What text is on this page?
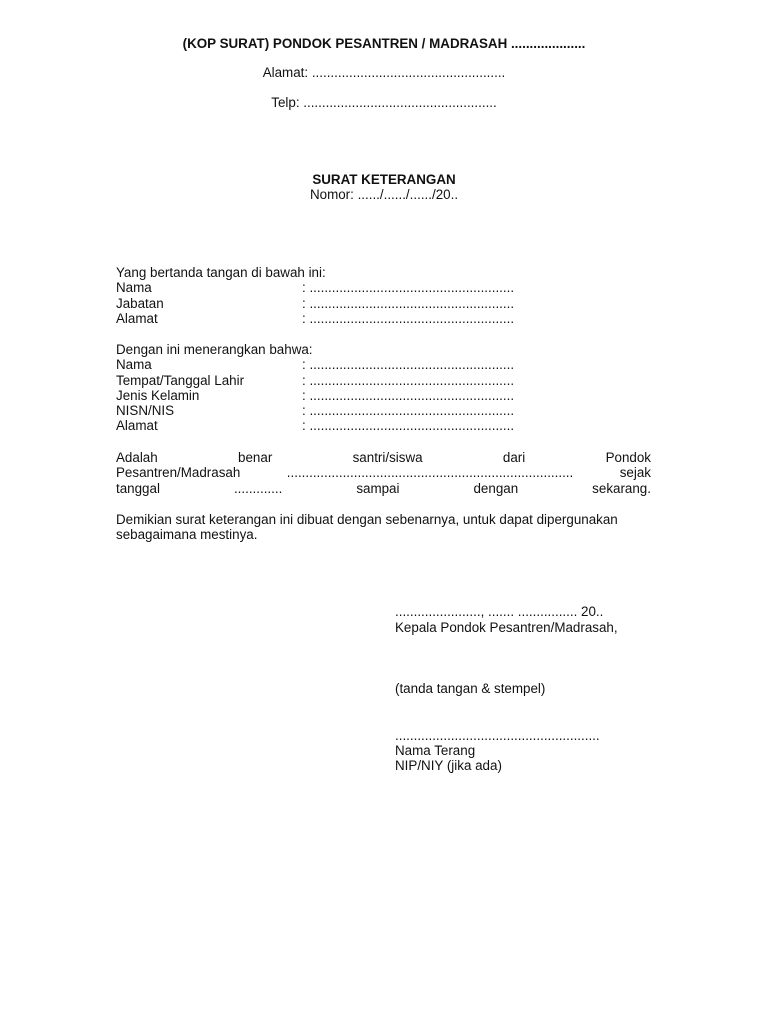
(KOP SURAT) PONDOK PESANTREN / MADRASAH ....................
Alamat: ....................................................
Telp: ....................................................
SURAT KETERANGAN
Nomor: ....../....../....../20..
Yang bertanda tangan di bawah ini:
Nama	: .......................................................
Jabatan	: .......................................................
Alamat	: .......................................................
Dengan ini menerangkan bahwa:
Nama	: .......................................................
Tempat/Tanggal Lahir	: .......................................................
Jenis Kelamin	: .......................................................
NISN/NIS	: .......................................................
Alamat	: .......................................................
Adalah	benar	santri/siswa	dari	Pondok
Pesantren/Madrasah	.............................................................................	sejak
tanggal	.............	sampai	dengan	sekarang.
Demikian surat keterangan ini dibuat dengan sebenarnya, untuk dapat dipergunakan
sebagaimana mestinya.
......................., ....... ................ 20..
Kepala Pondok Pesantren/Madrasah,
(tanda tangan & stempel)
.......................................................
Nama Terang
NIP/NIY (jika ada)
